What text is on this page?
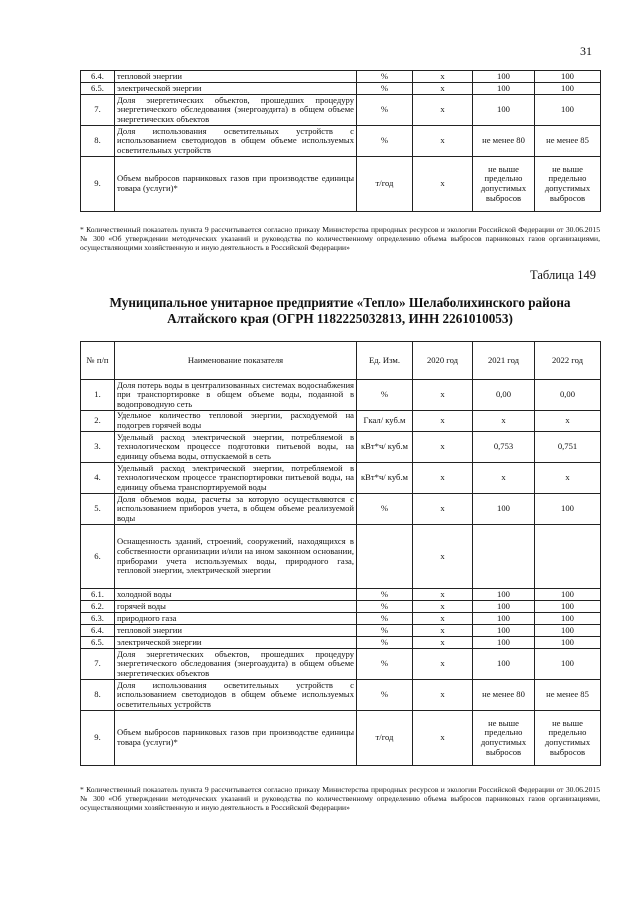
31
6.4.	тепловой энергии	%	х	100	100
6.5.	электрической энергии	%	х	100	100
7.	Доля энергетических объектов, прошедших процедуру энергетического обследования (энергоаудита) в общем объеме энергетических объектов	%	х	100	100
8.	Доля использования осветительных устройств с использованием светодиодов в общем объеме используемых осветительных устройств	%	х	не менее 80	не менее 85
9.	Объем выбросов парниковых газов при производстве единицы товара (услуги)*	т/год	х	не выше предельно допустимых выбросов	не выше предельно допустимых выбросов
* Количественный показатель пункта 9 рассчитывается согласно приказу Министерства природных ресурсов и экологии Российской Федерации от 30.06.2015 № 300 «Об утверждении методических указаний и руководства по количественному определению объема выбросов парниковых газов организациями, осуществляющими хозяйственную и иную деятельность в Российской Федерации»
Таблица 149
Муниципальное унитарное предприятие «Тепло» Шелаболихинского района Алтайского края (ОГРН 1182225032813, ИНН 2261010053)
№ п/п	Наименование показателя	Ед. Изм.	2020 год	2021 год	2022 год
1.	Доля потерь воды в централизованных системах водоснабжения при транспортировке в общем объеме воды, поданной в водопроводную сеть	%	х	0,00	0,00
2.	Удельное количество тепловой энергии, расходуемой на подогрев горячей воды	Гкал/ куб.м	х	х	х
3.	Удельный расход электрической энергии, потребляемой в технологическом процессе подготовки питьевой воды, на единицу объема воды, отпускаемой в сеть	кВт*ч/ куб.м	х	0,753	0,751
4.	Удельный расход электрической энергии, потребляемой в технологическом процессе транспортировки питьевой воды, на единицу объема транспортируемой воды	кВт*ч/ куб.м	х	х	х
5.	Доля объемов воды, расчеты за которую осуществляются с использованием приборов учета, в общем объеме реализуемой воды	%	х	100	100
6.	Оснащенность зданий, строений, сооружений, находящихся в собственности организации и/или на ином законном основании, приборами учета используемых воды, природного газа, тепловой энергии, электрической энергии		х		
6.1.	холодной воды	%	х	100	100
6.2.	горячей воды	%	х	100	100
6.3.	природного газа	%	х	100	100
6.4.	тепловой энергии	%	х	100	100
6.5.	электрической энергии	%	х	100	100
7.	Доля энергетических объектов, прошедших процедуру энергетического обследования (энергоаудита) в общем объеме энергетических объектов	%	х	100	100
8.	Доля использования осветительных устройств с использованием светодиодов в общем объеме используемых осветительных устройств	%	х	не менее 80	не менее 85
9.	Объем выбросов парниковых газов при производстве единицы товара (услуги)*	т/год	х	не выше предельно допустимых выбросов	не выше предельно допустимых выбросов
* Количественный показатель пункта 9 рассчитывается согласно приказу Министерства природных ресурсов и экологии Российской Федерации от 30.06.2015 № 300 «Об утверждении методических указаний и руководства по количественному определению объема выбросов парниковых газов организациями, осуществляющими хозяйственную и иную деятельность в Российской Федерации»
